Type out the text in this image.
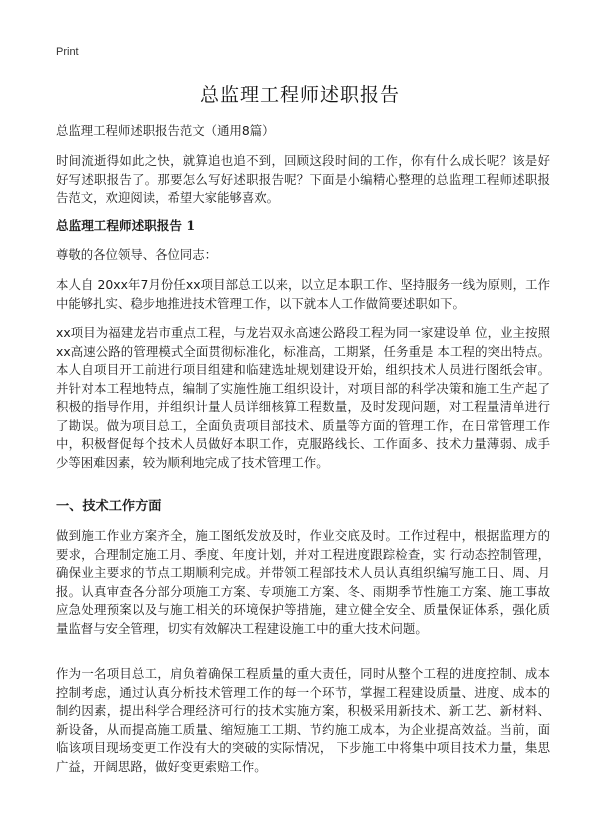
Print
总监理工程师述职报告
总监理工程师述职报告范文（通用8篇）
时间流逝得如此之快，就算追也追不到，回顾这段时间的工作，你有什么成长呢？该是好好写述职报告了。那要怎么写好述职报告呢？下面是小编精心整理的总监理工程师述职报告范文，欢迎阅读，希望大家能够喜欢。
总监理工程师述职报告 1
尊敬的各位领导、各位同志：
本人自 20xx年7月份任xx项目部总工以来，以立足本职工作、坚持服务一线为原则，工作中能够扎实、稳步地推进技术管理工作，以下就本人工作做简要述职如下。
xx项目为福建龙岩市重点工程，与龙岩双永高速公路段工程为同一家建设单 位，业主按照xx高速公路的管理模式全面贯彻标准化，标准高，工期紧，任务重是 本工程的突出特点。本人自项目开工前进行项目组建和临建选址规划建设开始，组织技术人员进行图纸会审。并针对本工程地特点，编制了实施性施工组织设计，对项目部的科学决策和施工生产起了积极的指导作用，并组织计量人员详细核算工程数量，及时发现问题，对工程量清单进行了勘误。做为项目总工，全面负责项目部技术、质量等方面的管理工作，在日常管理工作中，积极督促每个技术人员做好本职工作，克服路线长、工作面多、技术力量薄弱、成手少等困难因素，较为顺利地完成了技术管理工作。
一、技术工作方面
做到施工作业方案齐全，施工图纸发放及时，作业交底及时。工作过程中，根据监理方的要求，合理制定施工月、季度、年度计划，并对工程进度跟踪检查，实 行动态控制管理，确保业主要求的节点工期顺利完成。并带领工程部技术人员认真组织编写施工日、周、月报。认真审查各分部分项施工方案、专项施工方案、冬、雨期季节性施工方案、施工事故应急处理预案以及与施工相关的环境保护等措施，建立健全安全、质量保证体系，强化质量监督与安全管理，切实有效解决工程建设施工中的重大技术问题。
作为一名项目总工，肩负着确保工程质量的重大责任，同时从整个工程的进度控制、成本控制考虑，通过认真分析技术管理工作的每一个环节，掌握工程建设质量、进度、成本的制约因素，提出科学合理经济可行的技术实施方案，积极采用新技术、新工艺、新材料、新设备，从而提高施工质量、缩短施工工期、节约施工成本，为企业提高效益。当前，面临该项目现场变更工作没有大的突破的实际情况， 下步施工中将集中项目技术力量，集思广益，开阔思路，做好变更索赔工作。
